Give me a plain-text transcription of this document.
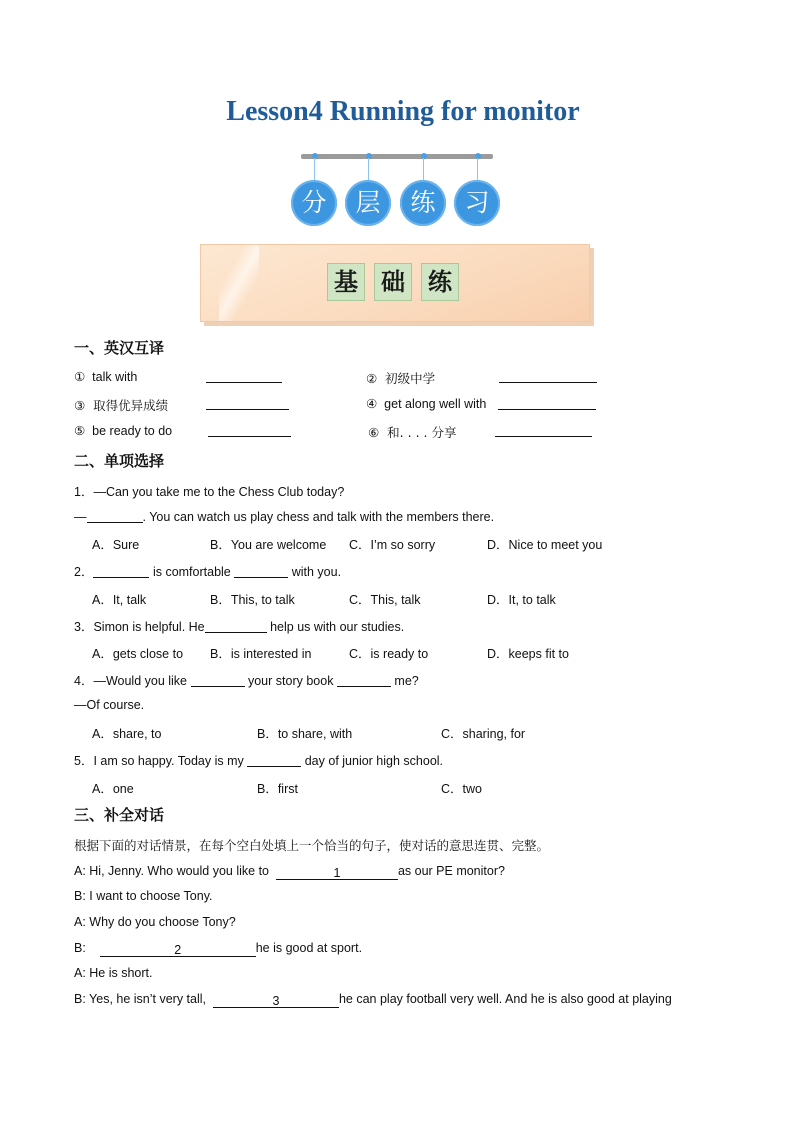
Lesson4 Running for monitor
分	层	练	习
基 础 练
一、英汉互译
① talk with	② 初级中学
③ 取得优异成绩	④ get along well with
⑤ be ready to do	⑥ 和. . . . 分享
二、单项选择
1．—Can you take me to the Chess Club today?
—	. You can watch us play chess and talk with the members there.
A．Sure	B．You are welcome C．I’m so sorry	D．Nice to meet you
2．	is comfortable	with you.
A．It, talk	B．This, to talk	C．This, talk	D．It, to talk
3．Simon is helpful. He	help us with our studies.
A．gets close to B．is interested in	C．is ready to	D．keeps fit to
4．—Would you like	your story book	me?
—Of course.
A．share, to	B．to share, with	C．sharing, for
5．I am so happy. Today is my	day of junior high school.
A．one	B．first	C．two
三、补全对话
根据下面的对话情景，在每个空白处填上一个恰当的句子，使对话的意思连贯、完整。
A: Hi, Jenny. Who would you like to	1	as our PE monitor?
B: I want to choose Tony.
A: Why do you choose Tony?
B:	2	he is good at sport.
A: He is short.
B: Yes, he isn’t very tall,	3	he can play football very well. And he is also good at playing
